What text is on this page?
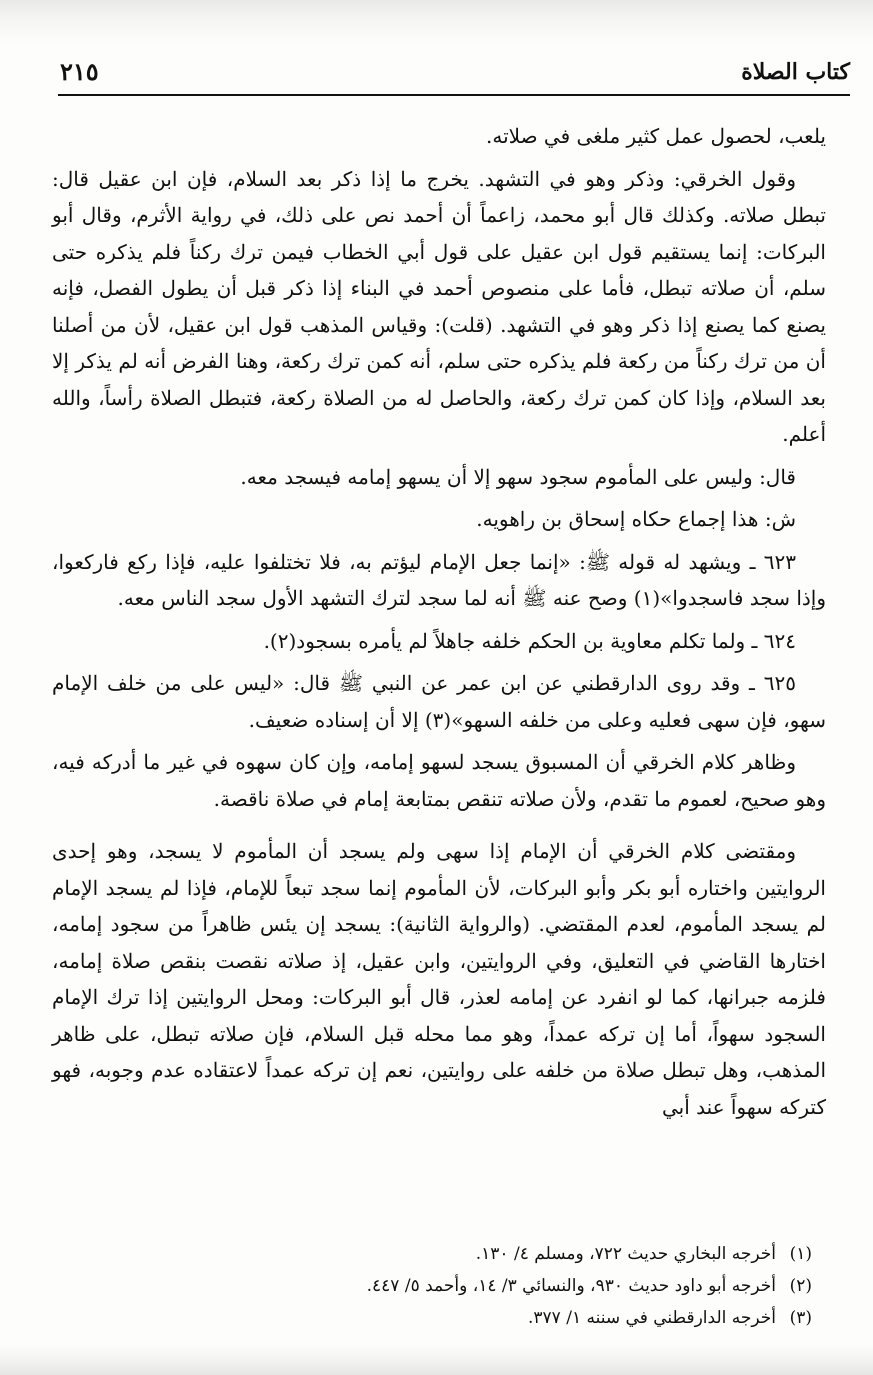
كتاب الصلاة
٢١٥

يلعب، لحصول عمل كثير ملغى في صلاته.

وقول الخرقي: وذكر وهو في التشهد. يخرج ما إذا ذكر بعد السلام، فإن ابن عقيل قال: تبطل صلاته. وكذلك قال أبو محمد، زاعماً أن أحمد نص على ذلك، في رواية الأثرم، وقال أبو البركات: إنما يستقيم قول ابن عقيل على قول أبي الخطاب فيمن ترك ركناً فلم يذكره حتى سلم، أن صلاته تبطل، فأما على منصوص أحمد في البناء إذا ذكر قبل أن يطول الفصل، فإنه يصنع كما يصنع إذا ذكر وهو في التشهد. (قلت): وقياس المذهب قول ابن عقيل، لأن من أصلنا أن من ترك ركناً من ركعة فلم يذكره حتى سلم، أنه كمن ترك ركعة، وهنا الفرض أنه لم يذكر إلا بعد السلام، وإذا كان كمن ترك ركعة، والحاصل له من الصلاة ركعة، فتبطل الصلاة رأساً، والله أعلم.

قال: وليس على المأموم سجود سهو إلا أن يسهو إمامه فيسجد معه.

ش: هذا إجماع حكاه إسحاق بن راهويه.

٦٢٣ ـ ويشهد له قوله ﷺ: «إنما جعل الإمام ليؤتم به، فلا تختلفوا عليه، فإذا ركع فاركعوا، وإذا سجد فاسجدوا»(١) وصح عنه ﷺ أنه لما سجد لترك التشهد الأول سجد الناس معه.

٦٢٤ ـ ولما تكلم معاوية بن الحكم خلفه جاهلاً لم يأمره بسجود(٢).

٦٢٥ ـ وقد روى الدارقطني عن ابن عمر عن النبي ﷺ قال: «ليس على من خلف الإمام سهو، فإن سهى فعليه وعلى من خلفه السهو»(٣) إلا أن إسناده ضعيف.

وظاهر كلام الخرقي أن المسبوق يسجد لسهو إمامه، وإن كان سهوه في غير ما أدركه فيه، وهو صحيح، لعموم ما تقدم، ولأن صلاته تنقص بمتابعة إمام في صلاة ناقصة.

ومقتضى كلام الخرقي أن الإمام إذا سهى ولم يسجد أن المأموم لا يسجد، وهو إحدى الروايتين واختاره أبو بكر وأبو البركات، لأن المأموم إنما سجد تبعاً للإمام، فإذا لم يسجد الإمام لم يسجد المأموم، لعدم المقتضي. (والرواية الثانية): يسجد إن يئس ظاهراً من سجود إمامه، اختارها القاضي في التعليق، وفي الروايتين، وابن عقيل، إذ صلاته نقصت بنقص صلاة إمامه، فلزمه جبرانها، كما لو انفرد عن إمامه لعذر، قال أبو البركات: ومحل الروايتين إذا ترك الإمام السجود سهواً، أما إن تركه عمداً، وهو مما محله قبل السلام، فإن صلاته تبطل، على ظاهر المذهب، وهل تبطل صلاة من خلفه على روايتين، نعم إن تركه عمداً لاعتقاده عدم وجوبه، فهو كتركه سهواً عند أبي

(١)أخرجه البخاري حديث ٧٢٢، ومسلم ٤/ ١٣٠.
(٢)أخرجه أبو داود حديث ٩٣٠، والنسائي ٣/ ١٤، وأحمد ٥/ ٤٤٧.
(٣)أخرجه الدارقطني في سننه ١/ ٣٧٧.
